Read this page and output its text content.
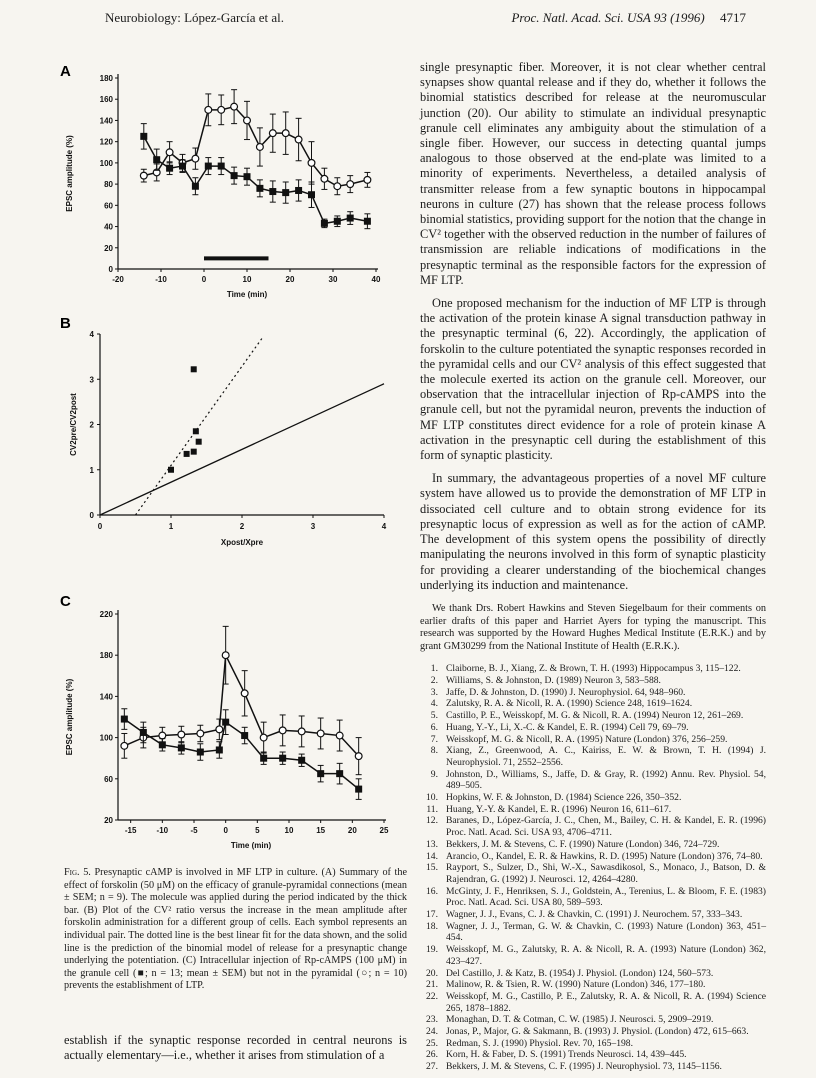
Neurobiology: López-García et al.	Proc. Natl. Acad. Sci. USA 93 (1996) 4717
A
0
20
40
60
80
100
120
140
160
180
-20	-10	0	10	20	30	40
Time (min)
EPSC amplitude (%)
B
0
1
2
3
4
0	1	2	3	4
Xpost/Xpre
CV2pre/CV2post
C
20
60
100
140
180
220
-15	-10	-5	0	5	10	15	20	25
Time (min)
EPSC amplitude (%)
Fig. 5. Presynaptic cAMP is involved in MF LTP in culture. (A) Summary of the effect of forskolin (50 μM) on the efficacy of granule-pyramidal connections (mean ± SEM; n = 9). The molecule was applied during the period indicated by the thick bar. (B) Plot of the CV² ratio versus the increase in the mean amplitude after forskolin administration for a different group of cells. Each symbol represents an individual pair. The dotted line is the best linear fit for the data shown, and the solid line is the prediction of the binomial model of release for a presynaptic change underlying the potentiation. (C) Intracellular injection of Rp-cAMPS (100 μM) in the granule cell (■; n = 13; mean ± SEM) but not in the pyramidal (○; n = 10) prevents the establishment of LTP.
establish if the synaptic response recorded in central neurons is actually elementary—i.e., whether it arises from stimulation of a

single presynaptic fiber. Moreover, it is not clear whether central synapses show quantal release and if they do, whether it follows the binomial statistics described for release at the neuromuscular junction (20). Our ability to stimulate an individual presynaptic granule cell eliminates any ambiguity about the stimulation of a single fiber. However, our success in detecting quantal jumps analogous to those observed at the end-plate was limited to a minority of experiments. Nevertheless, a detailed analysis of transmitter release from a few synaptic boutons in hippocampal neurons in culture (27) has shown that the release process follows binomial statistics, providing support for the notion that the change in CV² together with the observed reduction in the number of failures of transmission are reliable indications of modifications in the presynaptic terminal as the responsible factors for the expression of MF LTP.

One proposed mechanism for the induction of MF LTP is through the activation of the protein kinase A signal transduction pathway in the presynaptic terminal (6, 22). Accordingly, the application of forskolin to the culture potentiated the synaptic responses recorded in the pyramidal cells and our CV² analysis of this effect suggested that the molecule exerted its action on the granule cell. Moreover, our observation that the intracellular injection of Rp-cAMPS into the granule cell, but not the pyramidal neuron, prevents the induction of MF LTP constitutes direct evidence for a role of protein kinase A activation in the presynaptic cell during the establishment of this form of synaptic plasticity.

In summary, the advantageous properties of a novel MF culture system have allowed us to provide the demonstration of MF LTP in dissociated cell culture and to obtain strong evidence for its presynaptic locus of expression as well as for the action of cAMP. The development of this system opens the possibility of directly manipulating the neurons involved in this form of synaptic plasticity for providing a clearer understanding of the biochemical changes underlying its induction and maintenance.

We thank Drs. Robert Hawkins and Steven Siegelbaum for their comments on earlier drafts of this paper and Harriet Ayers for typing the manuscript. This research was supported by the Howard Hughes Medical Institute (E.R.K.) and by grant GM30299 from the National Institute of Health (E.R.K.).

1. Claiborne, B. J., Xiang, Z. & Brown, T. H. (1993) Hippocampus 3, 115–122.
2. Williams, S. & Johnston, D. (1989) Neuron 3, 583–588.
3. Jaffe, D. & Johnston, D. (1990) J. Neurophysiol. 64, 948–960.
4. Zalutsky, R. A. & Nicoll, R. A. (1990) Science 248, 1619–1624.
5. Castillo, P. E., Weisskopf, M. G. & Nicoll, R. A. (1994) Neuron 12, 261–269.
6. Huang, Y.-Y., Li, X.-C. & Kandel, E. R. (1994) Cell 79, 69–79.
7. Weisskopf, M. G. & Nicoll, R. A. (1995) Nature (London) 376, 256–259.
8. Xiang, Z., Greenwood, A. C., Kairiss, E. W. & Brown, T. H. (1994) J. Neurophysiol. 71, 2552–2556.
9. Johnston, D., Williams, S., Jaffe, D. & Gray, R. (1992) Annu. Rev. Physiol. 54, 489–505.
10. Hopkins, W. F. & Johnston, D. (1984) Science 226, 350–352.
11. Huang, Y.-Y. & Kandel, E. R. (1996) Neuron 16, 611–617.
12. Baranes, D., López-García, J. C., Chen, M., Bailey, C. H. & Kandel, E. R. (1996) Proc. Natl. Acad. Sci. USA 93, 4706–4711.
13. Bekkers, J. M. & Stevens, C. F. (1990) Nature (London) 346, 724–729.
14. Arancio, O., Kandel, E. R. & Hawkins, R. D. (1995) Nature (London) 376, 74–80.
15. Rayport, S., Sulzer, D., Shi, W.-X., Sawasdikosol, S., Monaco, J., Batson, D. & Rajendran, G. (1992) J. Neurosci. 12, 4264–4280.
16. McGinty, J. F., Henriksen, S. J., Goldstein, A., Terenius, L. & Bloom, F. E. (1983) Proc. Natl. Acad. Sci. USA 80, 589–593.
17. Wagner, J. J., Evans, C. J. & Chavkin, C. (1991) J. Neurochem. 57, 333–343.
18. Wagner, J. J., Terman, G. W. & Chavkin, C. (1993) Nature (London) 363, 451–454.
19. Weisskopf, M. G., Zalutsky, R. A. & Nicoll, R. A. (1993) Nature (London) 362, 423–427.
20. Del Castillo, J. & Katz, B. (1954) J. Physiol. (London) 124, 560–573.
21. Malinow, R. & Tsien, R. W. (1990) Nature (London) 346, 177–180.
22. Weisskopf, M. G., Castillo, P. E., Zalutsky, R. A. & Nicoll, R. A. (1994) Science 265, 1878–1882.
23. Monaghan, D. T. & Cotman, C. W. (1985) J. Neurosci. 5, 2909–2919.
24. Jonas, P., Major, G. & Sakmann, B. (1993) J. Physiol. (London) 472, 615–663.
25. Redman, S. J. (1990) Physiol. Rev. 70, 165–198.
26. Korn, H. & Faber, D. S. (1991) Trends Neurosci. 14, 439–445.
27. Bekkers, J. M. & Stevens, C. F. (1995) J. Neurophysiol. 73, 1145–1156.
